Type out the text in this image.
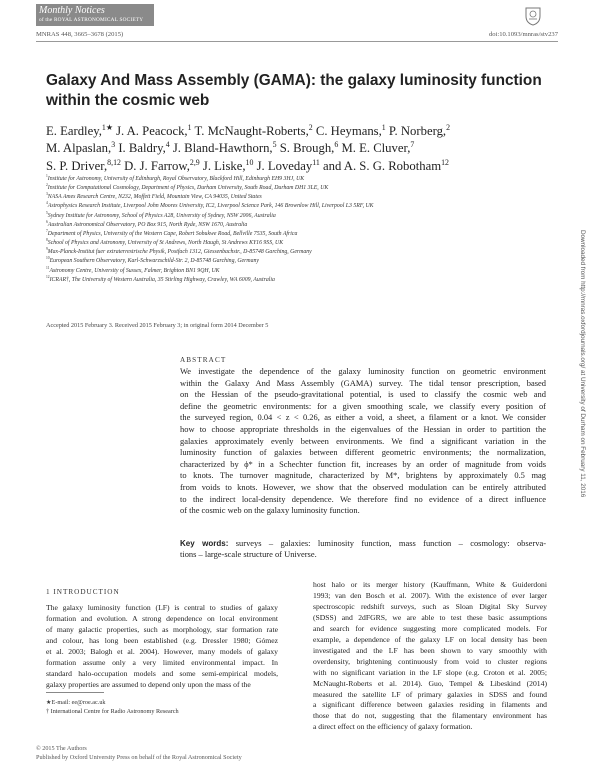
Monthly Notices
of the ROYAL ASTRONOMICAL SOCIETY
MNRAS 448, 3665–3678 (2015)	doi:10.1093/mnras/stv237
Galaxy And Mass Assembly (GAMA): the galaxy luminosity function
within the cosmic web
E. Eardley,$^{1★}$ J. A. Peacock,$^1$ T. McNaught-Roberts,$^2$ C. Heymans,$^1$ P. Norberg,$^2$
M. Alpaslan,$^3$ I. Baldry,$^4$ J. Bland-Hawthorn,$^5$ S. Brough,$^6$ M. E. Cluver,$^7$
S. P. Driver,$^{8,12}$ D. J. Farrow,$^{2,9}$ J. Liske,$^{10}$ J. Loveday$^{11}$ and A. S. G. Robotham$^{12}$
$^1$Institute for Astronomy, University of Edinburgh, Royal Observatory, Blackford Hill, Edinburgh EH9 3HJ, UK
$^2$Institute for Computational Cosmology, Department of Physics, Durham University, South Road, Durham DH1 3LE, UK
$^3$NASA Ames Research Centre, N232, Moffett Field, Mountain View, CA 94035, United States
$^4$Astrophysics Research Institute, Liverpool John Moores University, IC2, Liverpool Science Park, 146 Brownlow Hill, Liverpool L3 5RF, UK
$^5$Sydney Institute for Astronomy, School of Physics A28, University of Sydney, NSW 2006, Australia
$^6$Australian Astronomical Observatory, PO Box 915, North Ryde, NSW 1670, Australia
$^7$Department of Physics, University of the Western Cape, Robert Sobukwe Road, Bellville 7535, South Africa
$^8$School of Physics and Astronomy, University of St Andrews, North Haugh, St Andrews KY16 9SS, UK
$^9$Max-Planck-Institut fuer extraterrestrische Physik, Postfach 1312, Giessenbachstr., D-85748 Garching, Germany
$^{10}$European Southern Observatory, Karl-Schwarzschild-Str. 2, D-85748 Garching, Germany
$^{11}$Astronomy Centre, University of Sussex, Falmer, Brighton BN1 9QH, UK
$^{12}$ICRAR†, The University of Western Australia, 35 Stirling Highway, Crawley, WA 6009, Australia
Accepted 2015 February 3. Received 2015 February 3; in original form 2014 December 5
ABSTRACT
We investigate the dependence of the galaxy luminosity function on geometric environment
within the Galaxy And Mass Assembly (GAMA) survey. The tidal tensor prescription, based
on the Hessian of the pseudo-gravitational potential, is used to classify the cosmic web and
define the geometric environments: for a given smoothing scale, we classify every position of
the surveyed region, 0.04 < z < 0.26, as either a void, a sheet, a filament or a knot. We consider
how to choose appropriate thresholds in the eigenvalues of the Hessian in order to partition the
galaxies approximately evenly between environments. We find a significant variation in the
luminosity function of galaxies between different geometric environments; the normalization,
characterized by ϕ* in a Schechter function fit, increases by an order of magnitude from voids
to knots. The turnover magnitude, characterized by M*, brightens by approximately 0.5 mag
from voids to knots. However, we show that the observed modulation can be entirely attributed
to the indirect local-density dependence. We therefore find no evidence of a direct influence
of the cosmic web on the galaxy luminosity function.
Key words: surveys – galaxies: luminosity function, mass function – cosmology: observa-
tions – large-scale structure of Universe.
1 INTRODUCTION
The galaxy luminosity function (LF) is central to studies of galaxy
formation and evolution. A strong dependence on local environment
of many galactic properties, such as morphology, star formation rate
and colour, has long been established (e.g. Dressler 1980; Gómez
et al. 2003; Balogh et al. 2004). However, many models of galaxy
formation assume only a very limited environmental impact. In
standard halo-occupation models and some semi-empirical models,
galaxy properties are assumed to depend only upon the mass of the
host halo or its merger history (Kauffmann, White & Guiderdoni
1993; van den Bosch et al. 2007). With the existence of ever larger
spectroscopic redshift surveys, such as Sloan Digital Sky Survey
(SDSS) and 2dFGRS, we are able to test these basic assumptions
and search for evidence suggesting more complicated models. For
example, a dependence of the galaxy LF on local density has been
investigated and the LF has been shown to vary smoothly with
overdensity, brightening continuously from void to cluster regions
with no significant variation in the LF slope (e.g. Croton et al. 2005;
McNaught-Roberts et al. 2014). Guo, Tempel & Libeskind (2014)
measured the satellite LF of primary galaxies in SDSS and found
a significant difference between galaxies residing in filaments and
those that do not, suggesting that the filamentary environment has
a direct effect on the efficiency of galaxy formation.
★E-mail: ee@roe.ac.uk
† International Centre for Radio Astronomy Research
© 2015 The Authors
Published by Oxford University Press on behalf of the Royal Astronomical Society
Downloaded from http://mnras.oxfordjournals.org/ at University of Durham on February 11, 2016
